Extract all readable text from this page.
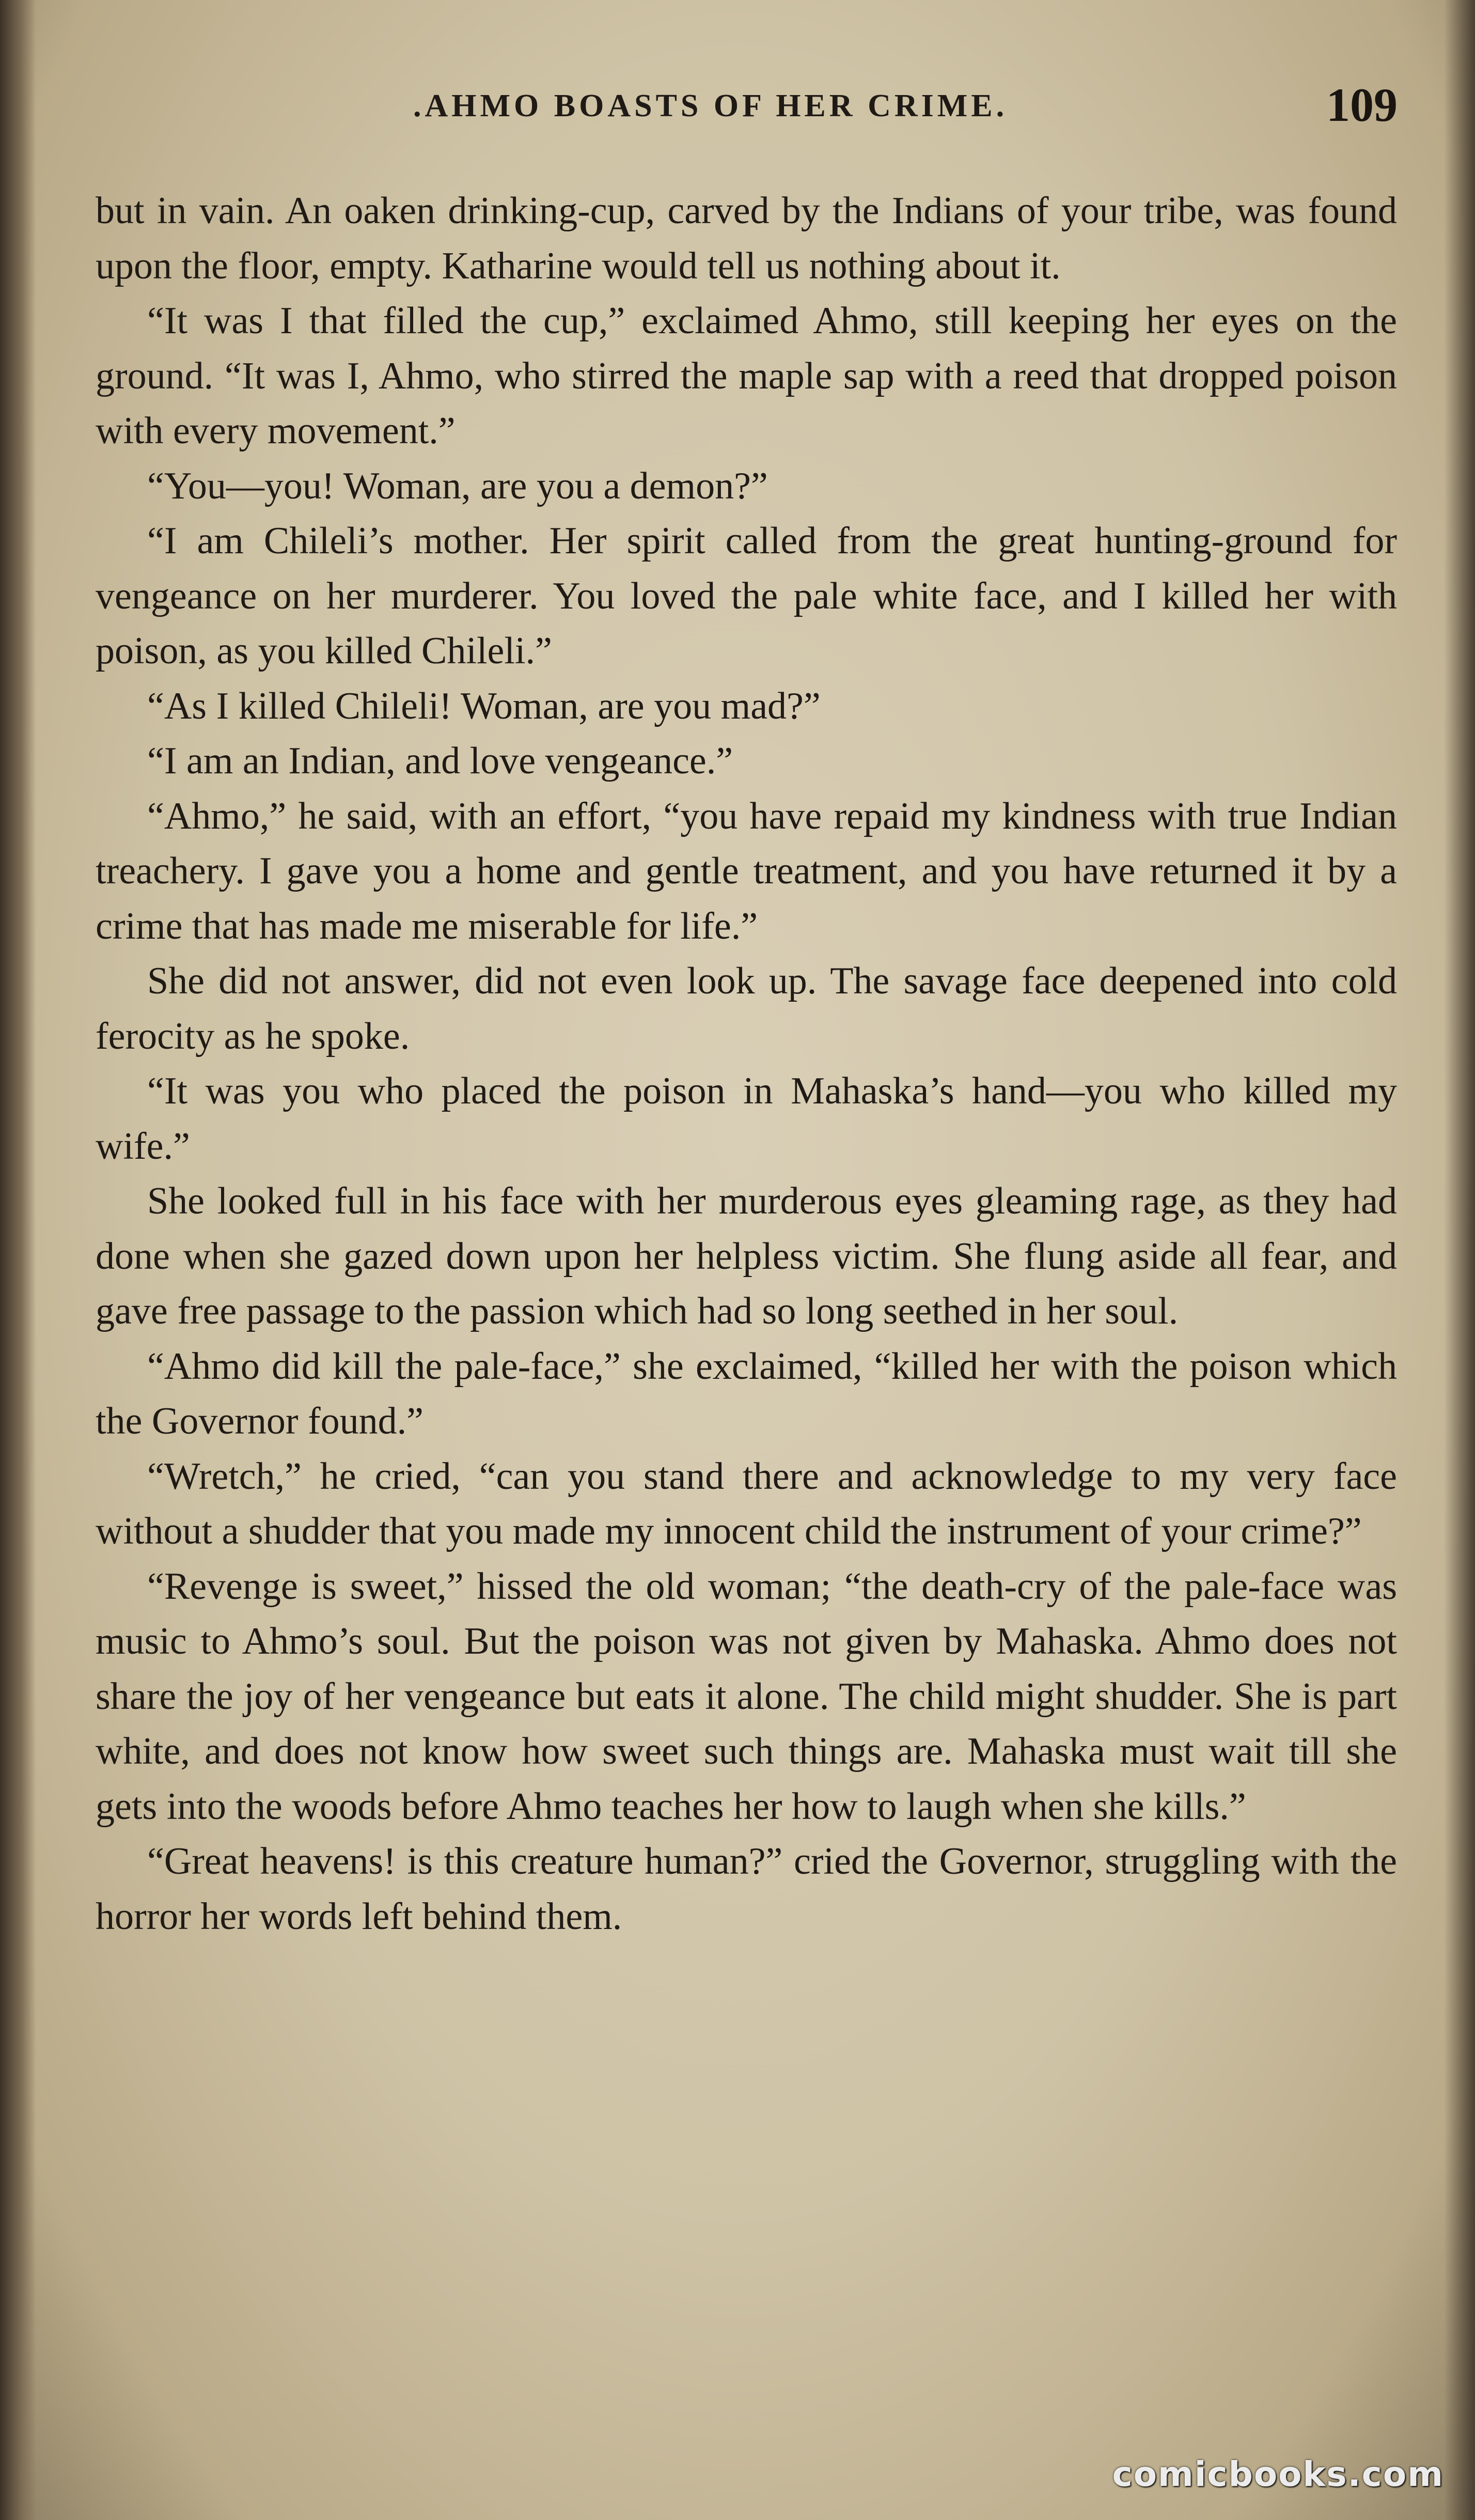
.AHMO BOASTS OF HER CRIME.	109

but in vain. An oaken drinking-cup, carved by the Indians of your tribe, was found upon the floor, empty. Katharine would tell us nothing about it.

“It was I that filled the cup,” exclaimed Ahmo, still keeping her eyes on the ground. “It was I, Ahmo, who stirred the maple sap with a reed that dropped poison with every movement.”

“You—you! Woman, are you a demon?”

“I am Chileli’s mother. Her spirit called from the great hunting-ground for vengeance on her murderer. You loved the pale white face, and I killed her with poison, as you killed Chileli.”

“As I killed Chileli! Woman, are you mad?”

“I am an Indian, and love vengeance.”

“Ahmo,” he said, with an effort, “you have repaid my kindness with true Indian treachery. I gave you a home and gentle treatment, and you have returned it by a crime that has made me miserable for life.”

She did not answer, did not even look up. The savage face deepened into cold ferocity as he spoke.

“It was you who placed the poison in Mahaska’s hand—you who killed my wife.”

She looked full in his face with her murderous eyes gleaming rage, as they had done when she gazed down upon her helpless victim. She flung aside all fear, and gave free passage to the passion which had so long seethed in her soul.

“Ahmo did kill the pale-face,” she exclaimed, “killed her with the poison which the Governor found.”

“Wretch,” he cried, “can you stand there and acknowledge to my very face without a shudder that you made my innocent child the instrument of your crime?”

“Revenge is sweet,” hissed the old woman; “the death-cry of the pale-face was music to Ahmo’s soul. But the poison was not given by Mahaska. Ahmo does not share the joy of her vengeance but eats it alone. The child might shudder. She is part white, and does not know how sweet such things are. Mahaska must wait till she gets into the woods before Ahmo teaches her how to laugh when she kills.”

“Great heavens! is this creature human?” cried the Governor, struggling with the horror her words left behind them.

comicbooks.com
